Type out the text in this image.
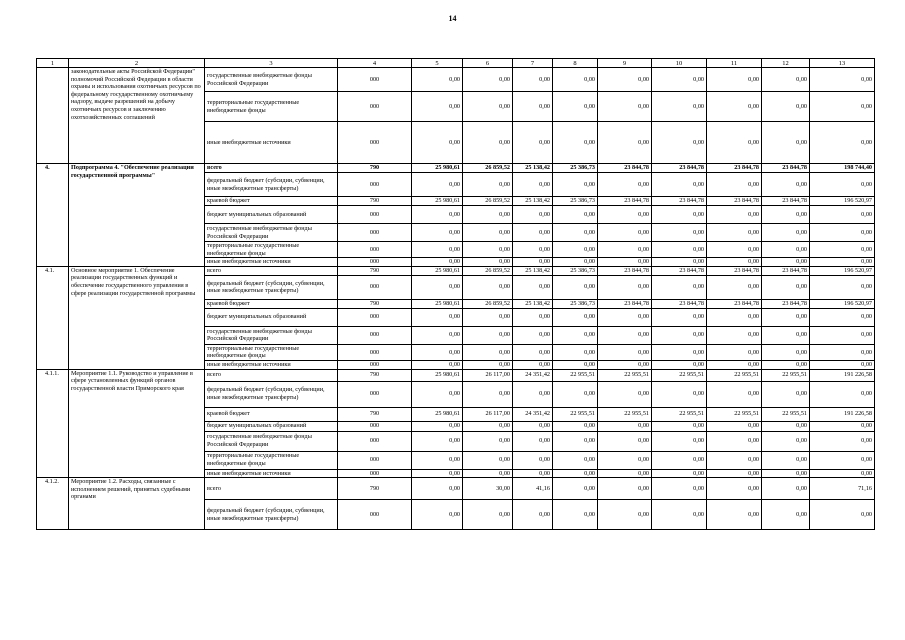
14
1	2	3	4	5	6	7	8	9	10	11	12	13
	законодательные акты Российской Федерации" полномочий Российской Федерации в области охраны и использования охотничьих ресурсов по федеральному государственному охотничьему надзору, выдаче разрешений на добычу охотничьих ресурсов и заключению охотхозяйственных соглашений	государственные внебюджетные фонды Российской Федерации	000	0,00	0,00	0,00	0,00	0,00	0,00	0,00	0,00	0,00
		территориальные государственные внебюджетные фонды	000	0,00	0,00	0,00	0,00	0,00	0,00	0,00	0,00	0,00
		иные внебюджетные источники	000	0,00	0,00	0,00	0,00	0,00	0,00	0,00	0,00	0,00
4.	Подпрограмма 4. "Обеспечение реализации государственной программы"	всего	790	25 980,61	26 859,52	25 138,42	25 386,73	23 844,78	23 844,78	23 844,78	23 844,78	198 744,40
		федеральный бюджет (субсидии, субвенции, иные межбюджетные трансферты)	000	0,00	0,00	0,00	0,00	0,00	0,00	0,00	0,00	0,00
		краевой бюджет	790	25 980,61	26 859,52	25 138,42	25 386,73	23 844,78	23 844,78	23 844,78	23 844,78	196 520,97
		бюджет муниципальных образований	000	0,00	0,00	0,00	0,00	0,00	0,00	0,00	0,00	0,00
		государственные внебюджетные фонды Российской Федерации	000	0,00	0,00	0,00	0,00	0,00	0,00	0,00	0,00	0,00
		территориальные государственные внебюджетные фонды	000	0,00	0,00	0,00	0,00	0,00	0,00	0,00	0,00	0,00
		иные внебюджетные источники	000	0,00	0,00	0,00	0,00	0,00	0,00	0,00	0,00	0,00
4.1.	Основное мероприятие 1. Обеспечение реализации государственных функций и обеспечение государственного управления в сфере реализации государственной программы	всего	790	25 980,61	26 859,52	25 138,42	25 386,73	23 844,78	23 844,78	23 844,78	23 844,78	196 520,97
		федеральный бюджет (субсидии, субвенции, иные межбюджетные трансферты)	000	0,00	0,00	0,00	0,00	0,00	0,00	0,00	0,00	0,00
		краевой бюджет	790	25 980,61	26 859,52	25 138,42	25 386,73	23 844,78	23 844,78	23 844,78	23 844,78	196 520,97
		бюджет муниципальных образований	000	0,00	0,00	0,00	0,00	0,00	0,00	0,00	0,00	0,00
		государственные внебюджетные фонды Российской Федерации	000	0,00	0,00	0,00	0,00	0,00	0,00	0,00	0,00	0,00
		территориальные государственные внебюджетные фонды	000	0,00	0,00	0,00	0,00	0,00	0,00	0,00	0,00	0,00
		иные внебюджетные источники	000	0,00	0,00	0,00	0,00	0,00	0,00	0,00	0,00	0,00
4.1.1.	Мероприятие 1.1. Руководство и управление в сфере установленных функций органов государственной власти Приморского края	всего	790	25 980,61	26 117,00	24 351,42	22 955,51	22 955,51	22 955,51	22 955,51	22 955,51	191 226,58
		федеральный бюджет (субсидии, субвенции, иные межбюджетные трансферты)	000	0,00	0,00	0,00	0,00	0,00	0,00	0,00	0,00	0,00
		краевой бюджет	790	25 980,61	26 117,00	24 351,42	22 955,51	22 955,51	22 955,51	22 955,51	22 955,51	191 226,58
		бюджет муниципальных образований	000	0,00	0,00	0,00	0,00	0,00	0,00	0,00	0,00	0,00
		государственные внебюджетные фонды Российской Федерации	000	0,00	0,00	0,00	0,00	0,00	0,00	0,00	0,00	0,00
		территориальные государственные внебюджетные фонды	000	0,00	0,00	0,00	0,00	0,00	0,00	0,00	0,00	0,00
		иные внебюджетные источники	000	0,00	0,00	0,00	0,00	0,00	0,00	0,00	0,00	0,00
4.1.2.	Мероприятие 1.2. Расходы, связанные с исполнением решений, принятых судебными органами	всего	790	0,00	30,00	41,16	0,00	0,00	0,00	0,00	0,00	71,16
		федеральный бюджет (субсидии, субвенции, иные межбюджетные трансферты)	000	0,00	0,00	0,00	0,00	0,00	0,00	0,00	0,00	0,00
